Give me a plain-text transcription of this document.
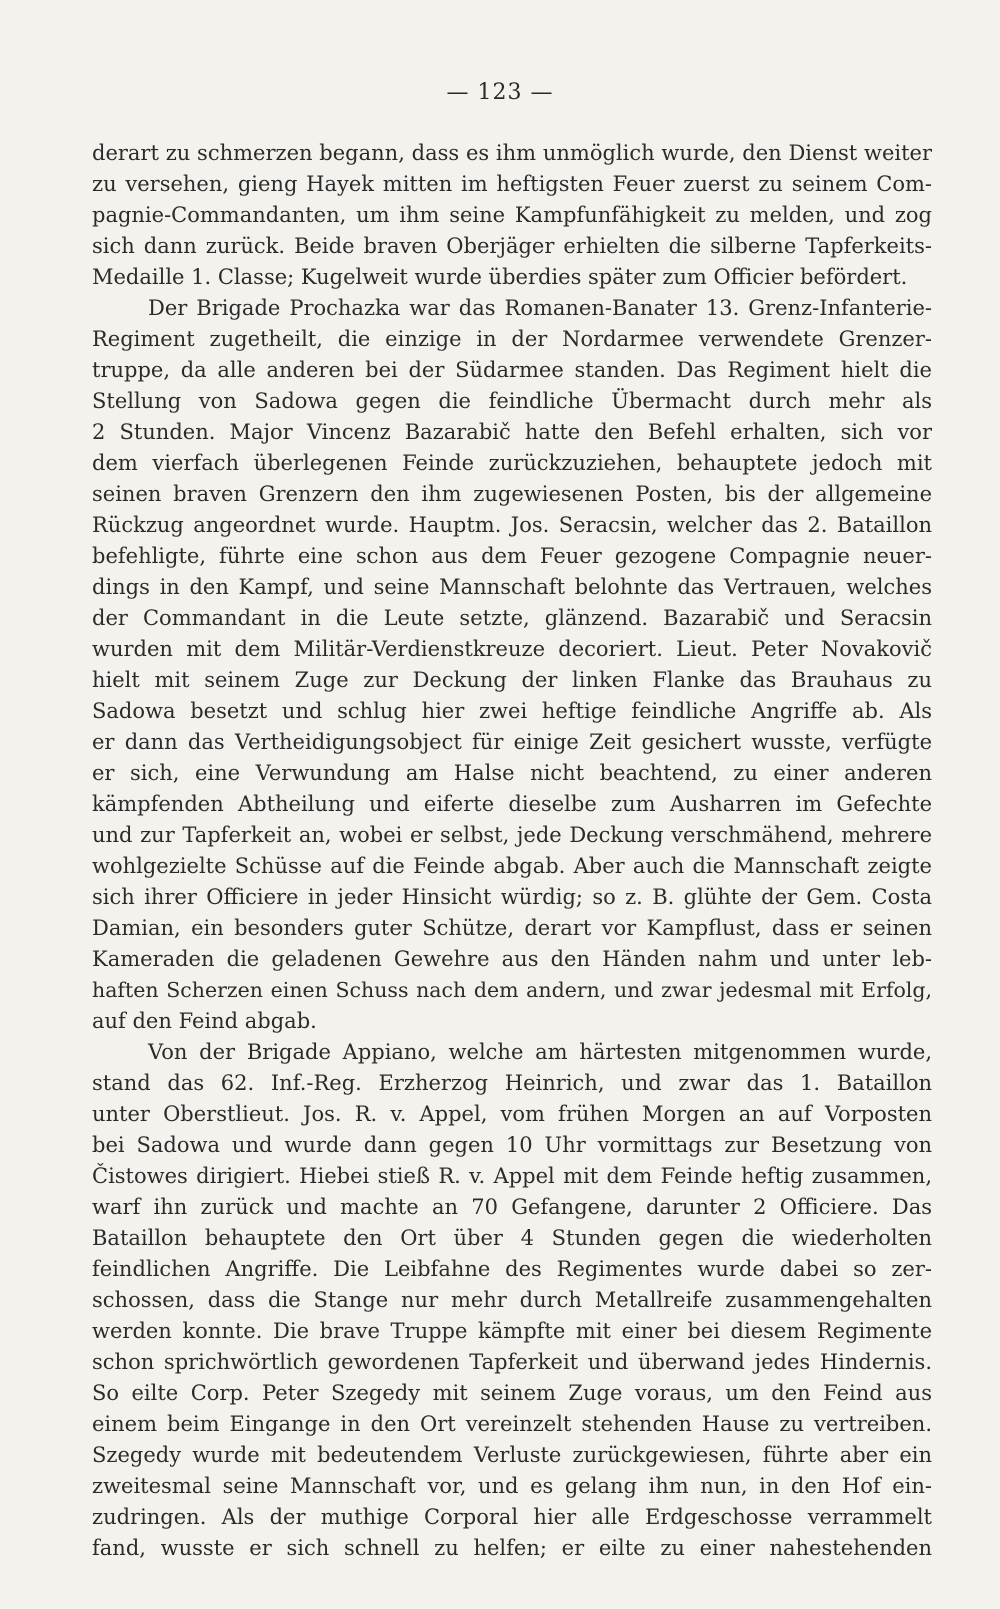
— 123 —
derart zu schmerzen begann, dass es ihm unmöglich wurde, den Dienst weiter
zu versehen, gieng Hayek mitten im heftigsten Feuer zuerst zu seinem Com-
pagnie-Commandanten, um ihm seine Kampfunfähigkeit zu melden, und zog
sich dann zurück. Beide braven Oberjäger erhielten die silberne Tapferkeits-
Medaille 1. Classe; Kugelweit wurde überdies später zum Officier befördert.
Der Brigade Prochazka war das Romanen-Banater 13. Grenz-Infanterie-
Regiment zugetheilt, die einzige in der Nordarmee verwendete Grenzer-
truppe, da alle anderen bei der Südarmee standen. Das Regiment hielt die
Stellung von Sadowa gegen die feindliche Übermacht durch mehr als
2 Stunden. Major Vincenz Bazarabič hatte den Befehl erhalten, sich vor
dem vierfach überlegenen Feinde zurückzuziehen, behauptete jedoch mit
seinen braven Grenzern den ihm zugewiesenen Posten, bis der allgemeine
Rückzug angeordnet wurde. Hauptm. Jos. Seracsin, welcher das 2. Bataillon
befehligte, führte eine schon aus dem Feuer gezogene Compagnie neuer-
dings in den Kampf, und seine Mannschaft belohnte das Vertrauen, welches
der Commandant in die Leute setzte, glänzend. Bazarabič und Seracsin
wurden mit dem Militär-Verdienstkreuze decoriert. Lieut. Peter Novakovič
hielt mit seinem Zuge zur Deckung der linken Flanke das Brauhaus zu
Sadowa besetzt und schlug hier zwei heftige feindliche Angriffe ab. Als
er dann das Vertheidigungsobject für einige Zeit gesichert wusste, verfügte
er sich, eine Verwundung am Halse nicht beachtend, zu einer anderen
kämpfenden Abtheilung und eiferte dieselbe zum Ausharren im Gefechte
und zur Tapferkeit an, wobei er selbst, jede Deckung verschmähend, mehrere
wohlgezielte Schüsse auf die Feinde abgab. Aber auch die Mannschaft zeigte
sich ihrer Officiere in jeder Hinsicht würdig; so z. B. glühte der Gem. Costa
Damian, ein besonders guter Schütze, derart vor Kampflust, dass er seinen
Kameraden die geladenen Gewehre aus den Händen nahm und unter leb-
haften Scherzen einen Schuss nach dem andern, und zwar jedesmal mit Erfolg,
auf den Feind abgab.
Von der Brigade Appiano, welche am härtesten mitgenommen wurde,
stand das 62. Inf.-Reg. Erzherzog Heinrich, und zwar das 1. Bataillon
unter Oberstlieut. Jos. R. v. Appel, vom frühen Morgen an auf Vorposten
bei Sadowa und wurde dann gegen 10 Uhr vormittags zur Besetzung von
Čistowes dirigiert. Hiebei stieß R. v. Appel mit dem Feinde heftig zusammen,
warf ihn zurück und machte an 70 Gefangene, darunter 2 Officiere. Das
Bataillon behauptete den Ort über 4 Stunden gegen die wiederholten
feindlichen Angriffe. Die Leibfahne des Regimentes wurde dabei so zer-
schossen, dass die Stange nur mehr durch Metallreife zusammengehalten
werden konnte. Die brave Truppe kämpfte mit einer bei diesem Regimente
schon sprichwörtlich gewordenen Tapferkeit und überwand jedes Hindernis.
So eilte Corp. Peter Szegedy mit seinem Zuge voraus, um den Feind aus
einem beim Eingange in den Ort vereinzelt stehenden Hause zu vertreiben.
Szegedy wurde mit bedeutendem Verluste zurückgewiesen, führte aber ein
zweitesmal seine Mannschaft vor, und es gelang ihm nun, in den Hof ein-
zudringen. Als der muthige Corporal hier alle Erdgeschosse verrammelt
fand, wusste er sich schnell zu helfen; er eilte zu einer nahestehenden
